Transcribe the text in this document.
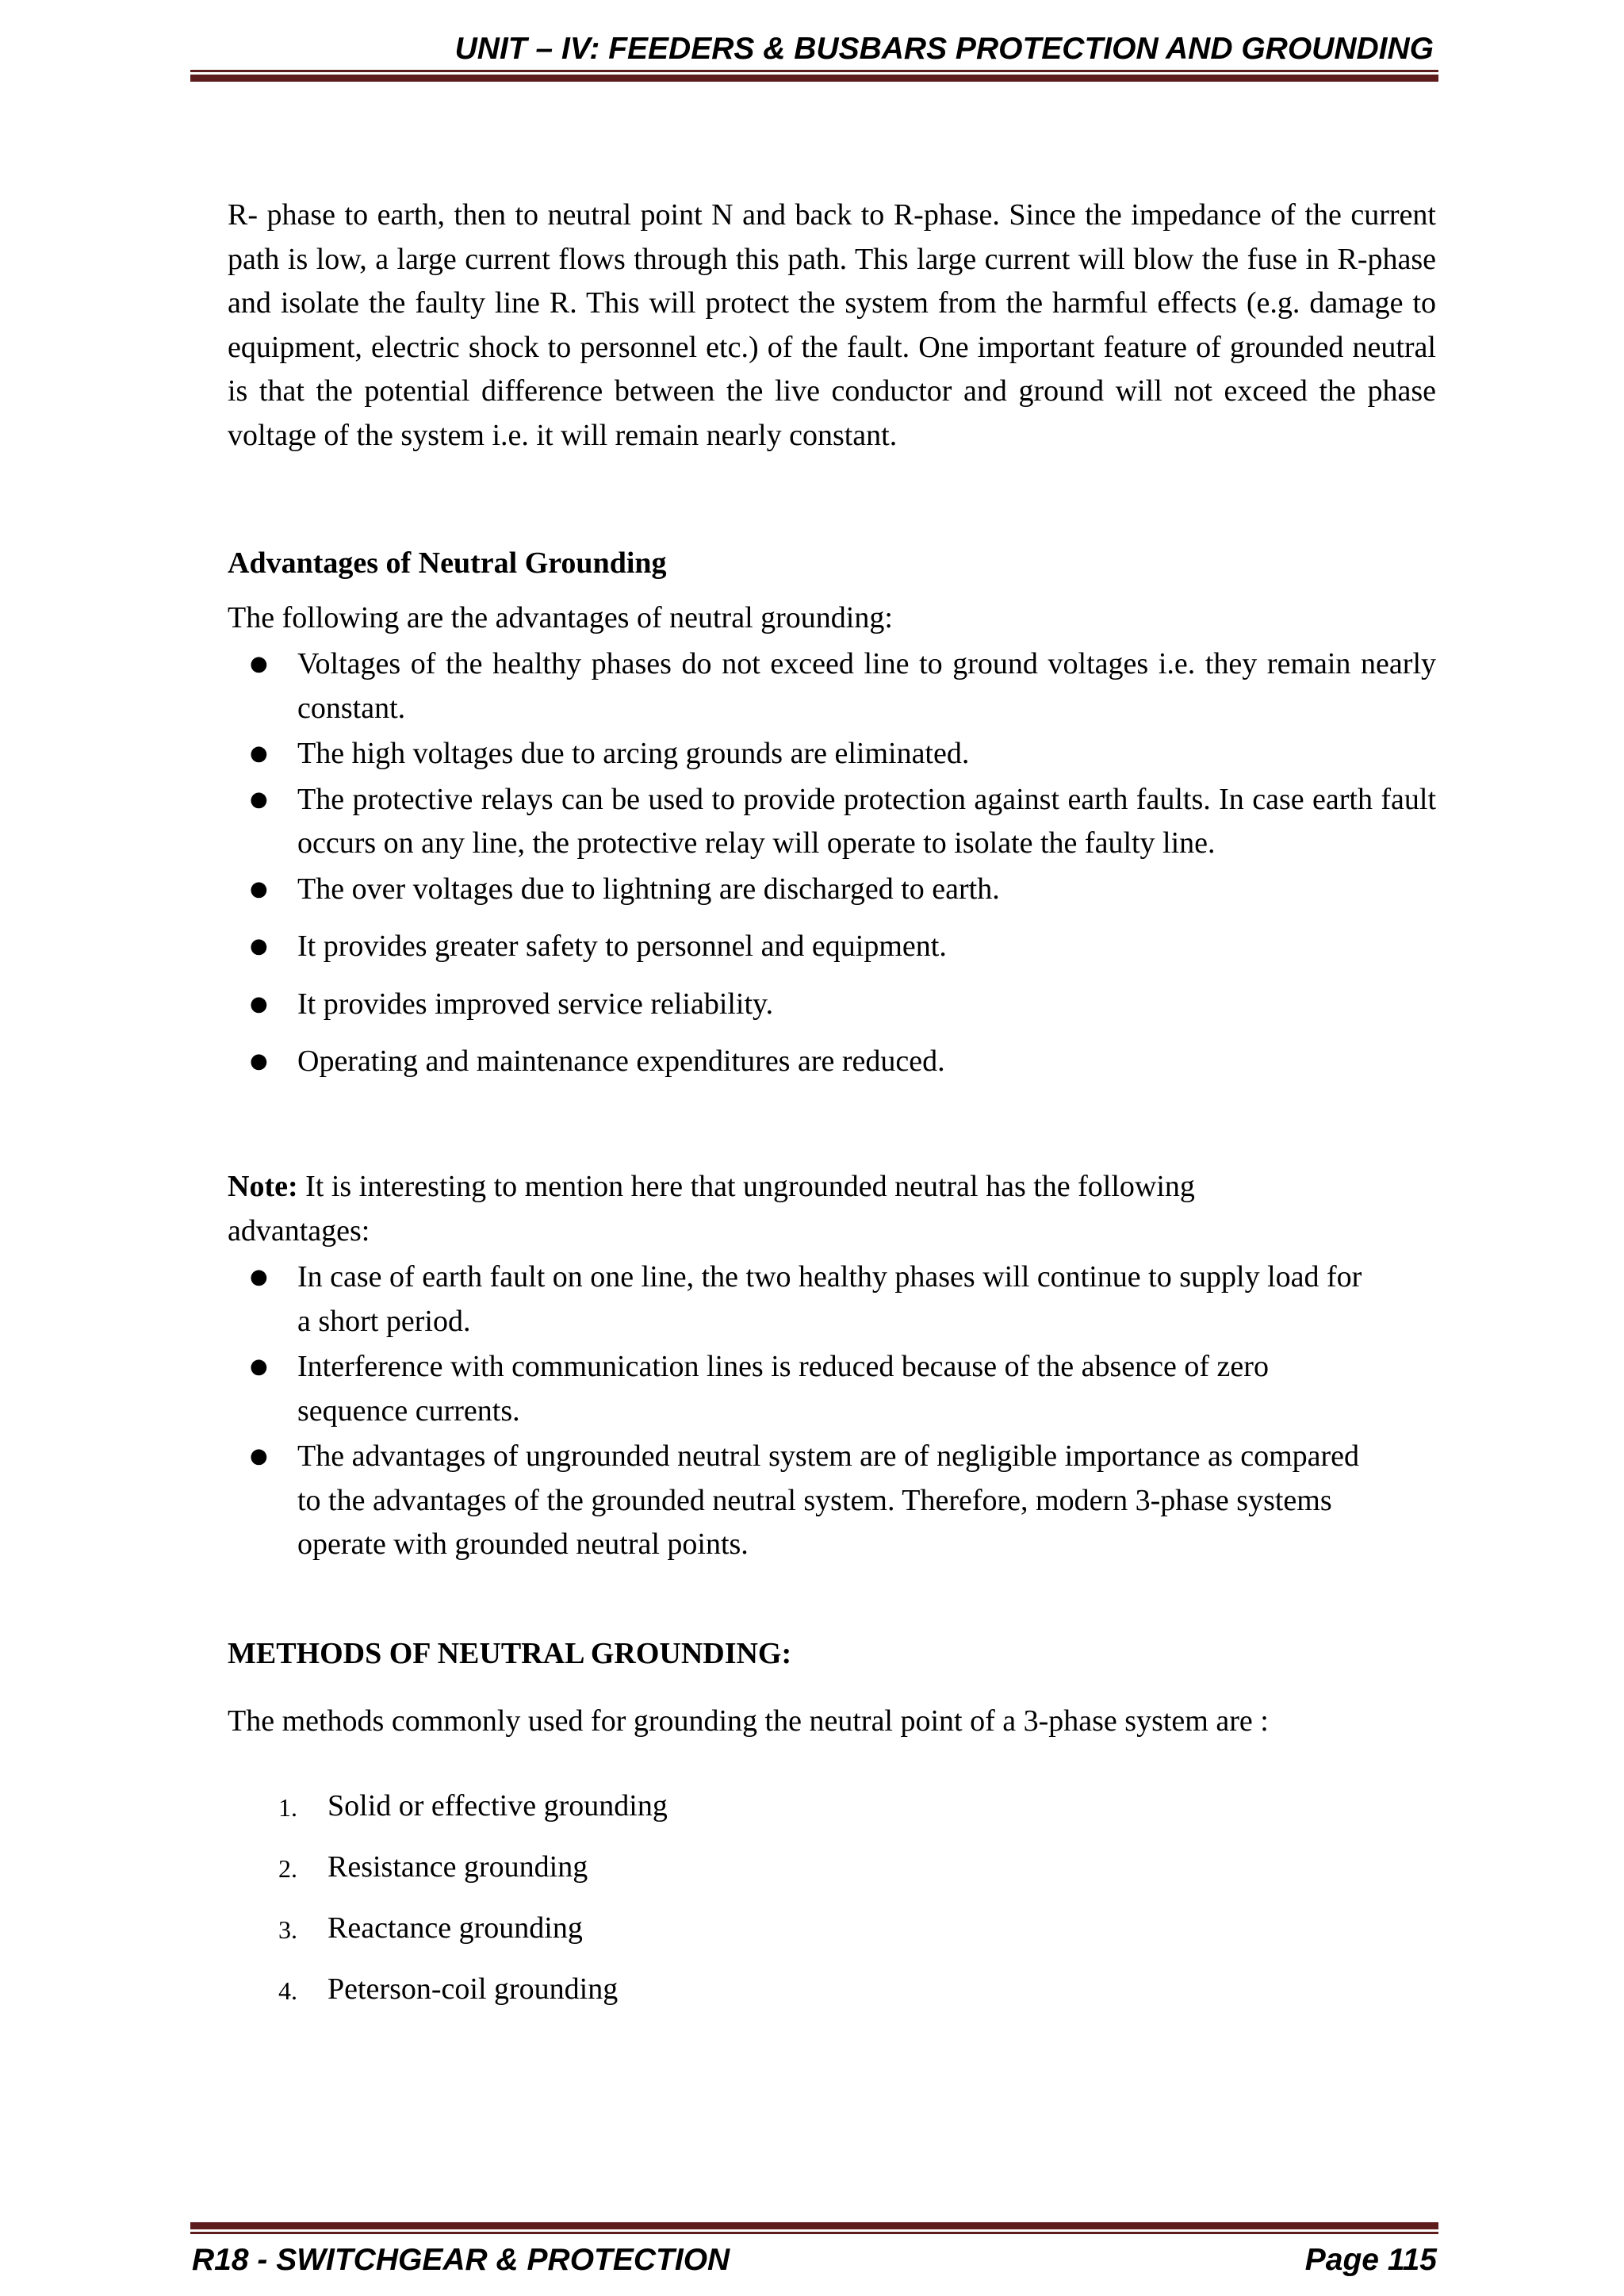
UNIT – IV: FEEDERS & BUSBARS PROTECTION AND GROUNDING
R- phase to earth, then to neutral point N and back to R-phase. Since the impedance of the current path is low, a large current flows through this path. This large current will blow the fuse in R-phase and isolate the faulty line R. This will protect the system from the harmful effects (e.g. damage to equipment, electric shock to personnel etc.) of the fault. One important feature of grounded neutral is that the potential difference between the live conductor and ground will not exceed the phase voltage of the system i.e. it will remain nearly constant.
Advantages of Neutral Grounding
The following are the advantages of neutral grounding:
● Voltages of the healthy phases do not exceed line to ground voltages i.e. they remain nearly constant.
● The high voltages due to arcing grounds are eliminated.
● The protective relays can be used to provide protection against earth faults. In case earth fault occurs on any line, the protective relay will operate to isolate the faulty line.
● The over voltages due to lightning are discharged to earth.
● It provides greater safety to personnel and equipment.
● It provides improved service reliability.
● Operating and maintenance expenditures are reduced.
Note: It is interesting to mention here that ungrounded neutral has the following advantages:
● In case of earth fault on one line, the two healthy phases will continue to supply load for a short period.
● Interference with communication lines is reduced because of the absence of zero sequence currents.
● The advantages of ungrounded neutral system are of negligible importance as compared to the advantages of the grounded neutral system. Therefore, modern 3-phase systems operate with grounded neutral points.
METHODS OF NEUTRAL GROUNDING:
The methods commonly used for grounding the neutral point of a 3-phase system are :
1. Solid or effective grounding
2. Resistance grounding
3. Reactance grounding
4. Peterson-coil grounding
R18 - SWITCHGEAR & PROTECTION	Page 115
